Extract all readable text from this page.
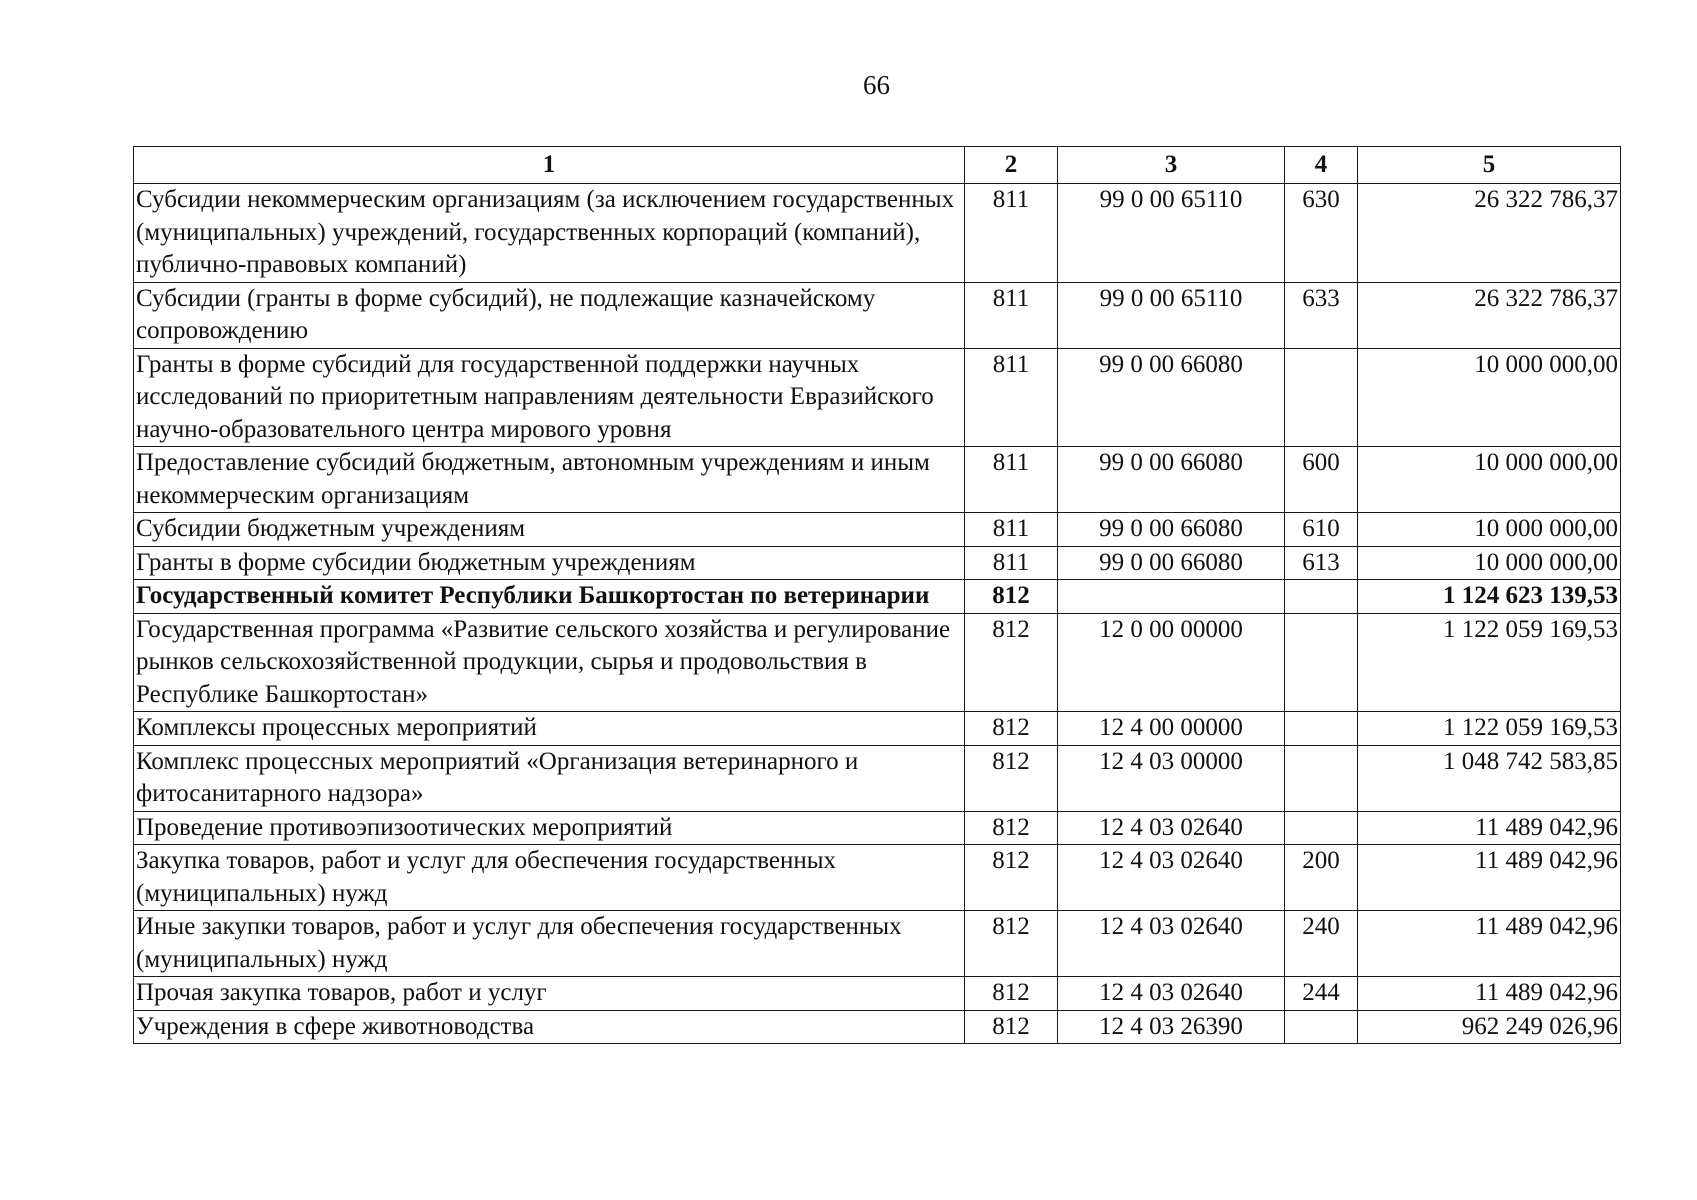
66
1	2	3	4	5
Субсидии некоммерческим организациям (за исключением государственных (муниципальных) учреждений, государственных корпораций (компаний), публично-правовых компаний)	811	99 0 00 65110	630	26 322 786,37
Субсидии (гранты в форме субсидий), не подлежащие казначейскому сопровождению	811	99 0 00 65110	633	26 322 786,37
Гранты в форме субсидий для государственной поддержки научных исследований по приоритетным направлениям деятельности Евразийского научно-образовательного центра мирового уровня	811	99 0 00 66080		10 000 000,00
Предоставление субсидий бюджетным, автономным учреждениям и иным некоммерческим организациям	811	99 0 00 66080	600	10 000 000,00
Субсидии бюджетным учреждениям	811	99 0 00 66080	610	10 000 000,00
Гранты в форме субсидии бюджетным учреждениям	811	99 0 00 66080	613	10 000 000,00
Государственный комитет Республики Башкортостан по ветеринарии	812			1 124 623 139,53
Государственная программа «Развитие сельского хозяйства и регулирование рынков сельскохозяйственной продукции, сырья и продовольствия в Республике Башкортостан»	812	12 0 00 00000		1 122 059 169,53
Комплексы процессных мероприятий	812	12 4 00 00000		1 122 059 169,53
Комплекс процессных мероприятий «Организация ветеринарного и фитосанитарного надзора»	812	12 4 03 00000		1 048 742 583,85
Проведение противоэпизоотических мероприятий	812	12 4 03 02640		11 489 042,96
Закупка товаров, работ и услуг для обеспечения государственных (муниципальных) нужд	812	12 4 03 02640	200	11 489 042,96
Иные закупки товаров, работ и услуг для обеспечения государственных (муниципальных) нужд	812	12 4 03 02640	240	11 489 042,96
Прочая закупка товаров, работ и услуг	812	12 4 03 02640	244	11 489 042,96
Учреждения в сфере животноводства	812	12 4 03 26390		962 249 026,96
